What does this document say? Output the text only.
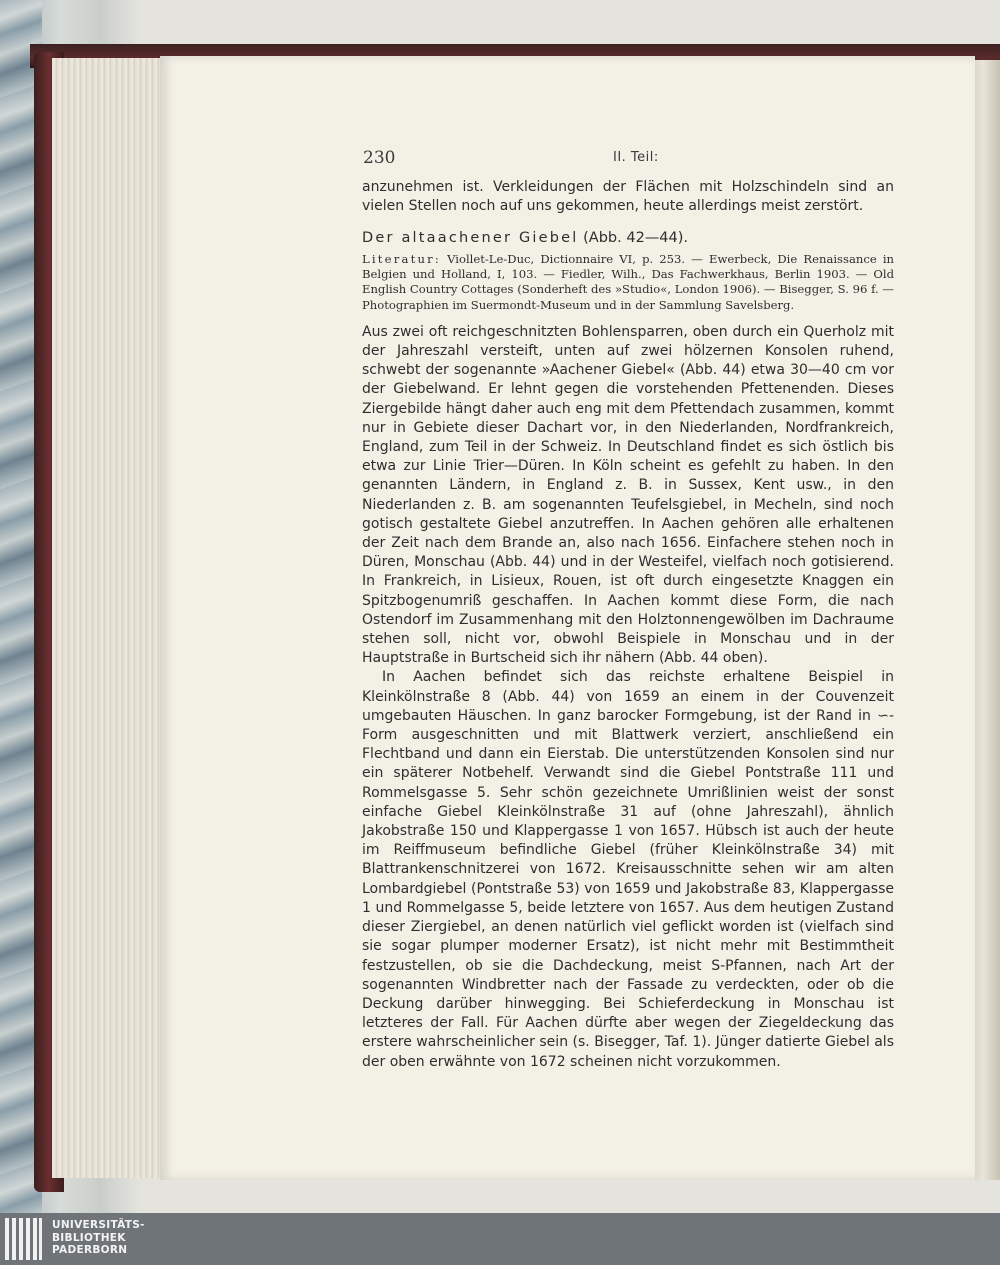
230	II. Teil:

anzunehmen ist. Verkleidungen der Flächen mit Holzschindeln sind an vielen Stellen noch auf uns gekommen, heute allerdings meist zerstört.

Der altaachener Giebel (Abb. 42—44).

Literatur: Viollet-Le-Duc, Dictionnaire VI, p. 253. — Ewerbeck, Die Renaissance in Belgien und Holland, I, 103. — Fiedler, Wilh., Das Fachwerkhaus, Berlin 1903. — Old English Country Cottages (Sonderheft des »Studio«, London 1906). — Bisegger, S. 96 f. — Photographien im Suermondt-Museum und in der Sammlung Savelsberg.

Aus zwei oft reichgeschnitzten Bohlensparren, oben durch ein Querholz mit der Jahreszahl versteift, unten auf zwei hölzernen Konsolen ruhend, schwebt der sogenannte »Aachener Giebel« (Abb. 44) etwa 30—40 cm vor der Giebelwand. Er lehnt gegen die vorstehenden Pfettenenden. Dieses Ziergebilde hängt daher auch eng mit dem Pfettendach zusammen, kommt nur in Gebiete dieser Dachart vor, in den Niederlanden, Nordfrankreich, England, zum Teil in der Schweiz. In Deutschland findet es sich östlich bis etwa zur Linie Trier—Düren. In Köln scheint es gefehlt zu haben. In den genannten Ländern, in England z. B. in Sussex, Kent usw., in den Niederlanden z. B. am sogenannten Teufelsgiebel, in Mecheln, sind noch gotisch gestaltete Giebel anzutreffen. In Aachen gehören alle erhaltenen der Zeit nach dem Brande an, also nach 1656. Einfachere stehen noch in Düren, Monschau (Abb. 44) und in der Westeifel, vielfach noch gotisierend. In Frankreich, in Lisieux, Rouen, ist oft durch eingesetzte Knaggen ein Spitzbogenumriß geschaffen. In Aachen kommt diese Form, die nach Ostendorf im Zusammenhang mit den Holztonnengewölben im Dachraume stehen soll, nicht vor, obwohl Beispiele in Monschau und in der Hauptstraße in Burtscheid sich ihr nähern (Abb. 44 oben).

In Aachen befindet sich das reichste erhaltene Beispiel in Kleinkölnstraße 8 (Abb. 44) von 1659 an einem in der Couvenzeit umgebauten Häuschen. In ganz barocker Formgebung, ist der Rand in ∽-Form ausgeschnitten und mit Blattwerk verziert, anschließend ein Flechtband und dann ein Eierstab. Die unterstützenden Konsolen sind nur ein späterer Notbehelf. Verwandt sind die Giebel Pontstraße 111 und Rommelsgasse 5. Sehr schön gezeichnete Umrißlinien weist der sonst einfache Giebel Kleinkölnstraße 31 auf (ohne Jahreszahl), ähnlich Jakobstraße 150 und Klappergasse 1 von 1657. Hübsch ist auch der heute im Reiffmuseum befindliche Giebel (früher Kleinkölnstraße 34) mit Blattrankenschnitzerei von 1672. Kreisausschnitte sehen wir am alten Lombardgiebel (Pontstraße 53) von 1659 und Jakobstraße 83, Klappergasse 1 und Rommelgasse 5, beide letztere von 1657. Aus dem heutigen Zustand dieser Ziergiebel, an denen natürlich viel geflickt worden ist (vielfach sind sie sogar plumper moderner Ersatz), ist nicht mehr mit Bestimmtheit festzustellen, ob sie die Dachdeckung, meist S-Pfannen, nach Art der sogenannten Windbretter nach der Fassade zu verdeckten, oder ob die Deckung darüber hinwegging. Bei Schieferdeckung in Monschau ist letzteres der Fall. Für Aachen dürfte aber wegen der Ziegeldeckung das erstere wahrscheinlicher sein (s. Bisegger, Taf. 1). Jünger datierte Giebel als der oben erwähnte von 1672 scheinen nicht vorzukommen.

UNIVERSITÄTS-
BIBLIOTHEK
PADERBORN
